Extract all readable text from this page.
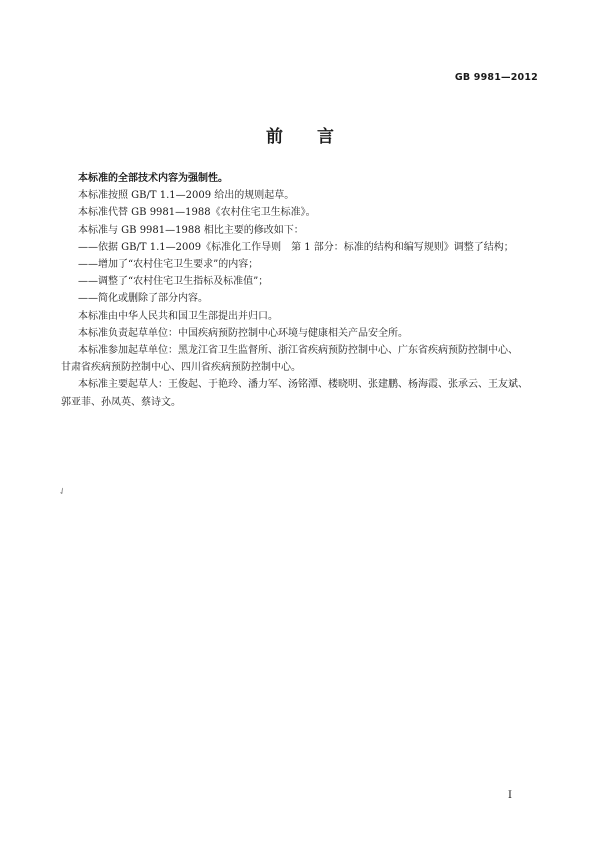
GB 9981—2012
前 言
本标准的全部技术内容为强制性。
本标准按照 GB/T 1.1—2009 给出的规则起草。
本标准代替 GB 9981—1988《农村住宅卫生标准》。
本标准与 GB 9981—1988 相比主要的修改如下：
——依据 GB/T 1.1—2009《标准化工作导则　第 1 部分：标准的结构和编写规则》调整了结构；
——增加了“农村住宅卫生要求”的内容；
——调整了“农村住宅卫生指标及标准值”；
——简化或删除了部分内容。
本标准由中华人民共和国卫生部提出并归口。
本标准负责起草单位：中国疾病预防控制中心环境与健康相关产品安全所。
本标准参加起草单位：黑龙江省卫生监督所、浙江省疾病预防控制中心、广东省疾病预防控制中心、
甘肃省疾病预防控制中心、四川省疾病预防控制中心。
本标准主要起草人：王俊起、于艳玲、潘力军、汤铭潭、楼晓明、张建鹏、杨海霞、张承云、王友斌、
郭亚菲、孙凤英、蔡诗文。
✓
I
